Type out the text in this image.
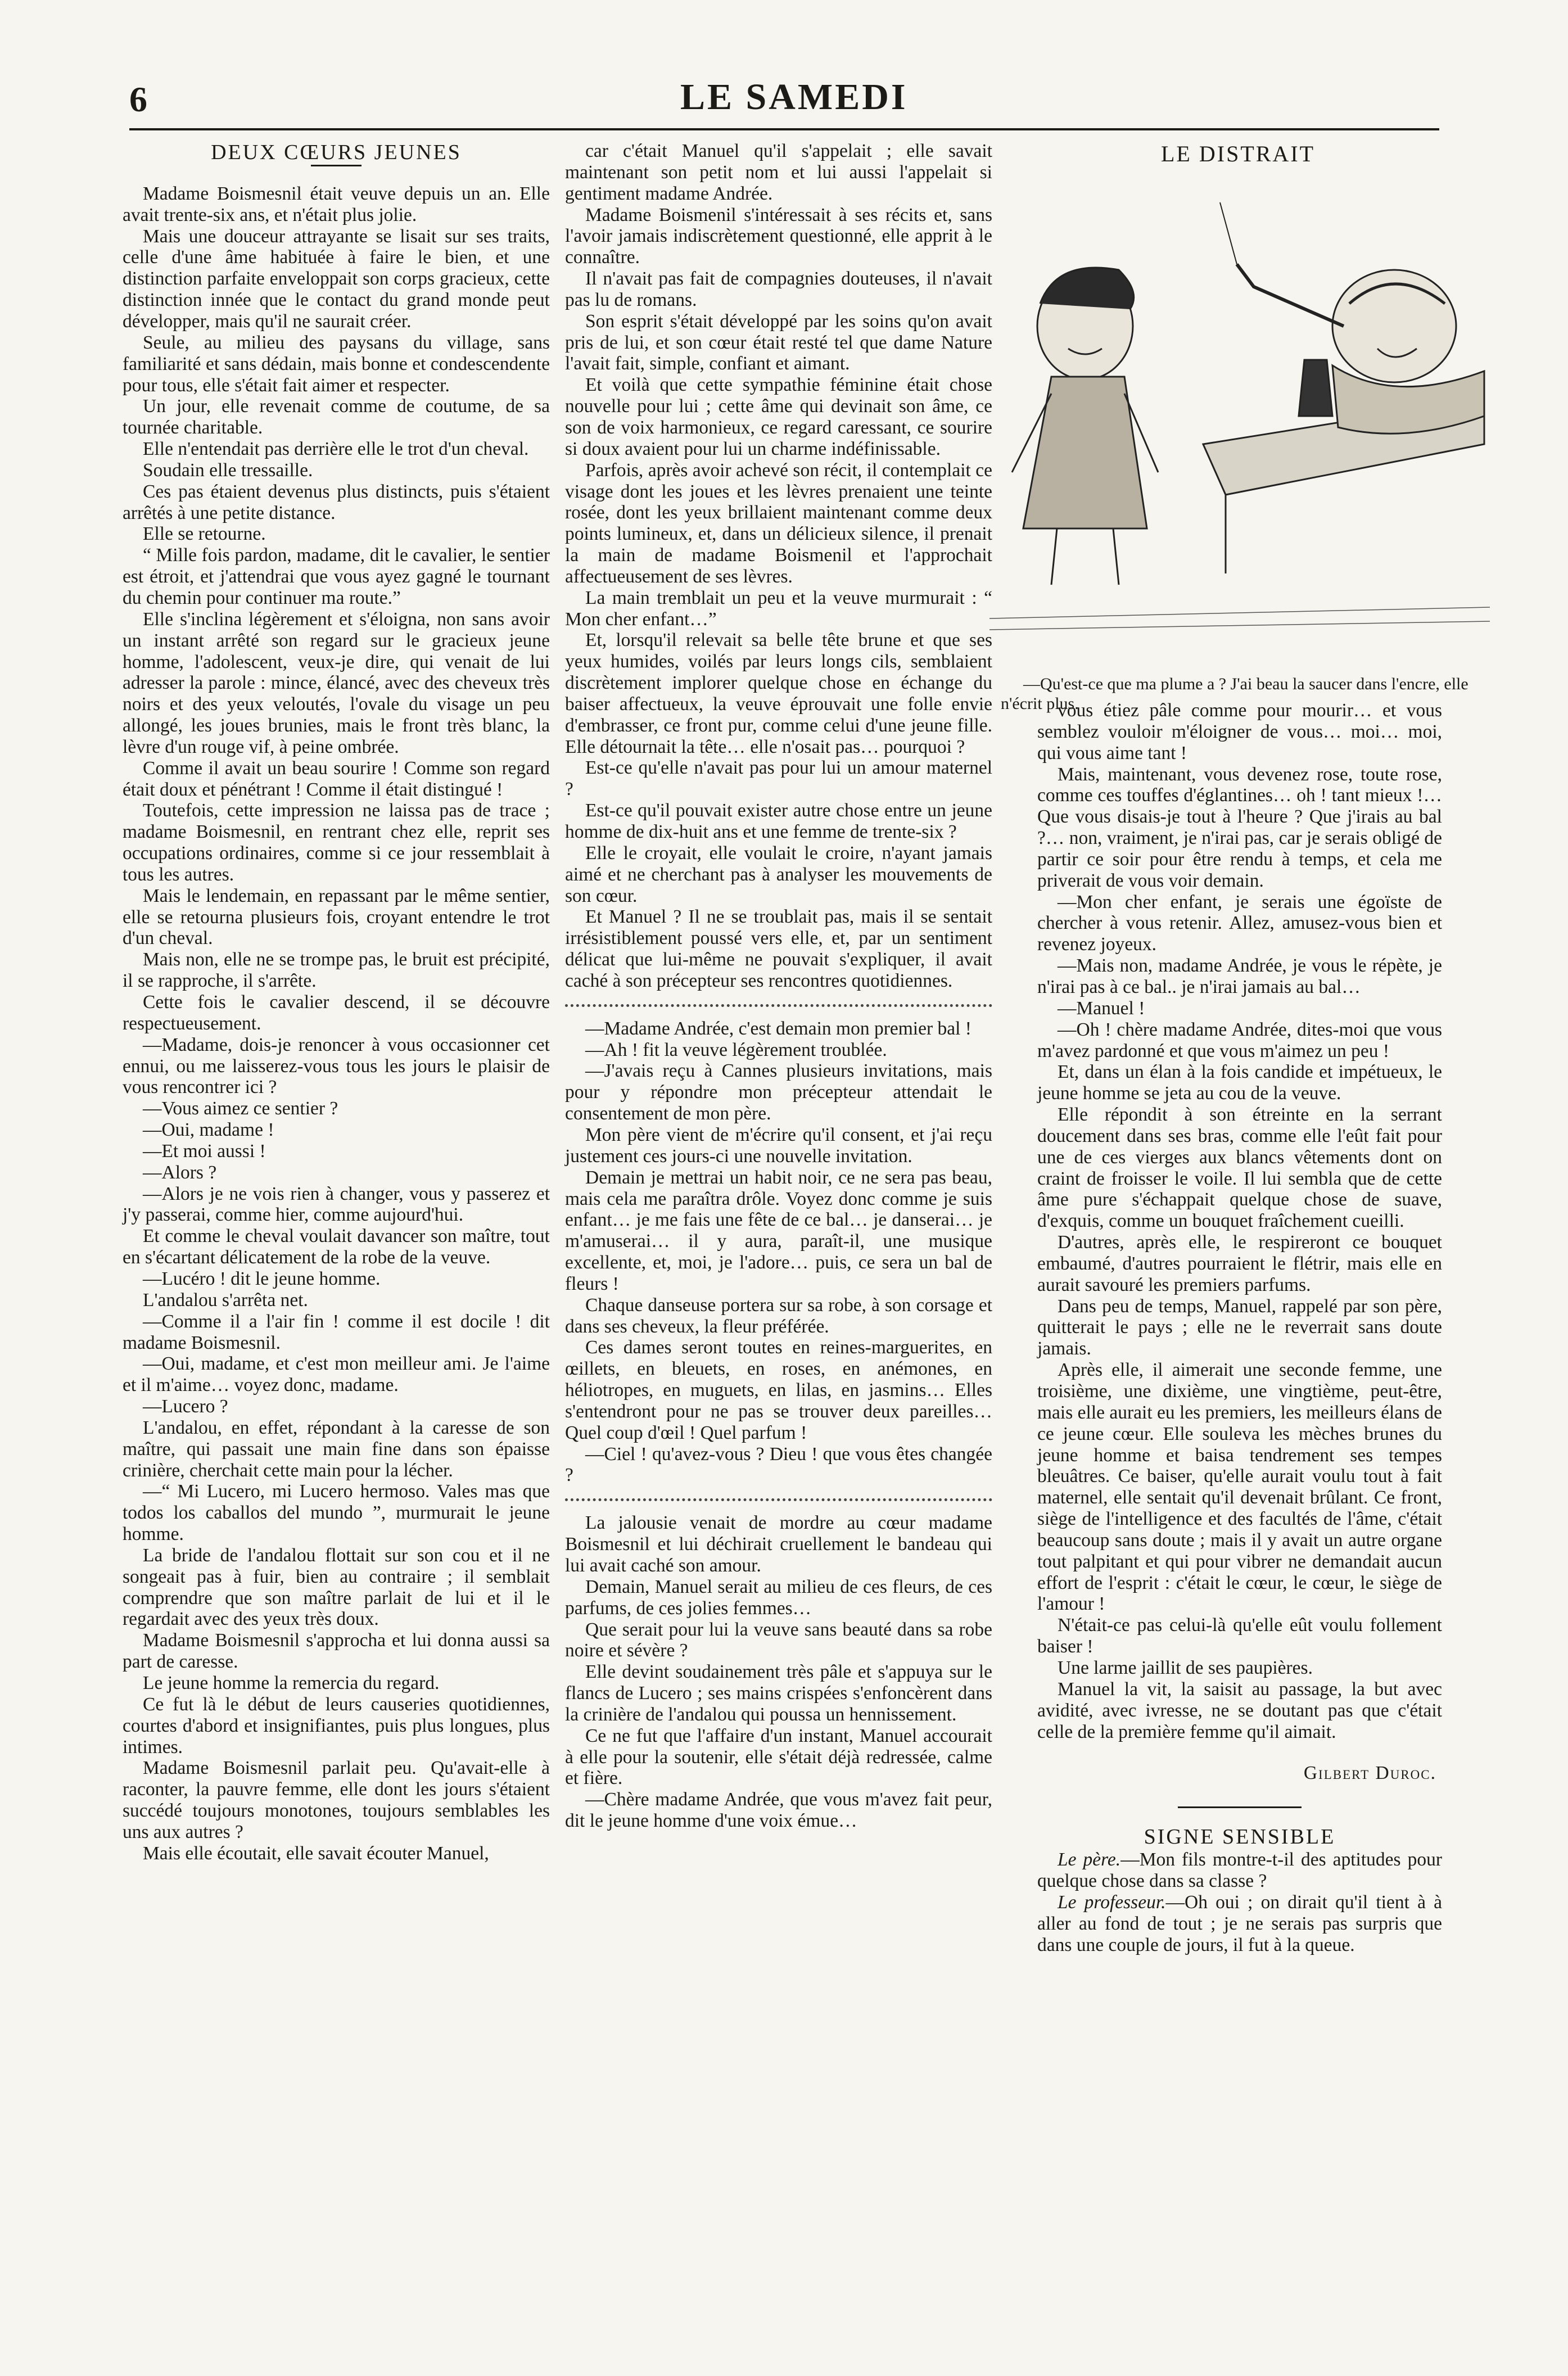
6	LE SAMEDI

DEUX CŒURS JEUNES

Madame Boismesnil était veuve depuis un an. Elle avait trente-six ans, et n'était plus jolie.

Mais une douceur attrayante se lisait sur ses traits, celle d'une âme habituée à faire le bien, et une distinction parfaite enveloppait son corps gracieux, cette distinction innée que le contact du grand monde peut développer, mais qu'il ne saurait créer.

Seule, au milieu des paysans du village, sans familiarité et sans dédain, mais bonne et condescendente pour tous, elle s'était fait aimer et respecter.

Un jour, elle revenait comme de coutume, de sa tournée charitable.

Elle n'entendait pas derrière elle le trot d'un cheval.

Soudain elle tressaille.

Ces pas étaient devenus plus distincts, puis s'étaient arrêtés à une petite distance.

Elle se retourne.

“ Mille fois pardon, madame, dit le cavalier, le sentier est étroit, et j'attendrai que vous ayez gagné le tournant du chemin pour continuer ma route.”

Elle s'inclina légèrement et s'éloigna, non sans avoir un instant arrêté son regard sur le gracieux jeune homme, l'adolescent, veux-je dire, qui venait de lui adresser la parole : mince, élancé, avec des cheveux très noirs et des yeux veloutés, l'ovale du visage un peu allongé, les joues brunies, mais le front très blanc, la lèvre d'un rouge vif, à peine ombrée.

Comme il avait un beau sourire ! Comme son regard était doux et pénétrant ! Comme il était distingué !

Toutefois, cette impression ne laissa pas de trace ; madame Boismesnil, en rentrant chez elle, reprit ses occupations ordinaires, comme si ce jour ressemblait à tous les autres.

Mais le lendemain, en repassant par le même sentier, elle se retourna plusieurs fois, croyant entendre le trot d'un cheval.

Mais non, elle ne se trompe pas, le bruit est précipité, il se rapproche, il s'arrête.

Cette fois le cavalier descend, il se découvre respectueusement.

—Madame, dois-je renoncer à vous occasionner cet ennui, ou me laisserez-vous tous les jours le plaisir de vous rencontrer ici ?

—Vous aimez ce sentier ?

—Oui, madame !

—Et moi aussi !

—Alors ?

—Alors je ne vois rien à changer, vous y passerez et j'y passerai, comme hier, comme aujourd'hui.

Et comme le cheval voulait davancer son maître, tout en s'écartant délicatement de la robe de la veuve.

—Lucéro ! dit le jeune homme.

L'andalou s'arrêta net.

—Comme il a l'air fin ! comme il est docile ! dit madame Boismesnil.

—Oui, madame, et c'est mon meilleur ami. Je l'aime et il m'aime… voyez donc, madame.

—Lucero ?

L'andalou, en effet, répondant à la caresse de son maître, qui passait une main fine dans son épaisse crinière, cherchait cette main pour la lécher.

—“ Mi Lucero, mi Lucero hermoso. Vales mas que todos los caballos del mundo ”, murmurait le jeune homme.

La bride de l'andalou flottait sur son cou et il ne songeait pas à fuir, bien au contraire ; il semblait comprendre que son maître parlait de lui et il le regardait avec des yeux très doux.

Madame Boismesnil s'approcha et lui donna aussi sa part de caresse.

Le jeune homme la remercia du regard.

Ce fut là le début de leurs causeries quotidiennes, courtes d'abord et insignifiantes, puis plus longues, plus intimes.

Madame Boismesnil parlait peu. Qu'avait-elle à raconter, la pauvre femme, elle dont les jours s'étaient succédé toujours monotones, toujours semblables les uns aux autres ?

Mais elle écoutait, elle savait écouter Manuel,

car c'était Manuel qu'il s'appelait ; elle savait maintenant son petit nom et lui aussi l'appelait si gentiment madame Andrée.

Madame Boismenil s'intéressait à ses récits et, sans l'avoir jamais indiscrètement questionné, elle apprit à le connaître.

Il n'avait pas fait de compagnies douteuses, il n'avait pas lu de romans.

Son esprit s'était développé par les soins qu'on avait pris de lui, et son cœur était resté tel que dame Nature l'avait fait, simple, confiant et aimant.

Et voilà que cette sympathie féminine était chose nouvelle pour lui ; cette âme qui devinait son âme, ce son de voix harmonieux, ce regard caressant, ce sourire si doux avaient pour lui un charme indéfinissable.

Parfois, après avoir achevé son récit, il contemplait ce visage dont les joues et les lèvres prenaient une teinte rosée, dont les yeux brillaient maintenant comme deux points lumineux, et, dans un délicieux silence, il prenait la main de madame Boismenil et l'approchait affectueusement de ses lèvres.

La main tremblait un peu et la veuve murmurait : “ Mon cher enfant…”

Et, lorsqu'il relevait sa belle tête brune et que ses yeux humides, voilés par leurs longs cils, semblaient discrètement implorer quelque chose en échange du baiser affectueux, la veuve éprouvait une folle envie d'embrasser, ce front pur, comme celui d'une jeune fille. Elle détournait la tête… elle n'osait pas… pourquoi ?

Est-ce qu'elle n'avait pas pour lui un amour maternel ?

Est-ce qu'il pouvait exister autre chose entre un jeune homme de dix-huit ans et une femme de trente-six ?

Elle le croyait, elle voulait le croire, n'ayant jamais aimé et ne cherchant pas à analyser les mouvements de son cœur.

Et Manuel ? Il ne se troublait pas, mais il se sentait irrésistiblement poussé vers elle, et, par un sentiment délicat que lui-même ne pouvait s'expliquer, il avait caché à son précepteur ses rencontres quotidiennes.

—Madame Andrée, c'est demain mon premier bal !

—Ah ! fit la veuve légèrement troublée.

—J'avais reçu à Cannes plusieurs invitations, mais pour y répondre mon précepteur attendait le consentement de mon père.

Mon père vient de m'écrire qu'il consent, et j'ai reçu justement ces jours-ci une nouvelle invitation.

Demain je mettrai un habit noir, ce ne sera pas beau, mais cela me paraîtra drôle. Voyez donc comme je suis enfant… je me fais une fête de ce bal… je danserai… je m'amuserai… il y aura, paraît-il, une musique excellente, et, moi, je l'adore… puis, ce sera un bal de fleurs !

Chaque danseuse portera sur sa robe, à son corsage et dans ses cheveux, la fleur préférée.

Ces dames seront toutes en reines-marguerites, en œillets, en bleuets, en roses, en anémones, en héliotropes, en muguets, en lilas, en jasmins… Elles s'entendront pour ne pas se trouver deux pareilles… Quel coup d'œil ! Quel parfum !

—Ciel ! qu'avez-vous ? Dieu ! que vous êtes changée ?

La jalousie venait de mordre au cœur madame Boismesnil et lui déchirait cruellement le bandeau qui lui avait caché son amour.

Demain, Manuel serait au milieu de ces fleurs, de ces parfums, de ces jolies femmes…

Que serait pour lui la veuve sans beauté dans sa robe noire et sévère ?

Elle devint soudainement très pâle et s'appuya sur le flancs de Lucero ; ses mains crispées s'enfoncèrent dans la crinière de l'andalou qui poussa un hennissement.

Ce ne fut que l'affaire d'un instant, Manuel accourait à elle pour la soutenir, elle s'était déjà redressée, calme et fière.

—Chère madame Andrée, que vous m'avez fait peur, dit le jeune homme d'une voix émue…

LE DISTRAIT

—Qu'est-ce que ma plume a ? J'ai beau la saucer dans l'encre, elle n'écrit plus.

vous étiez pâle comme pour mourir… et vous semblez vouloir m'éloigner de vous… moi… moi, qui vous aime tant !

Mais, maintenant, vous devenez rose, toute rose, comme ces touffes d'églantines… oh ! tant mieux !… Que vous disais-je tout à l'heure ? Que j'irais au bal ?… non, vraiment, je n'irai pas, car je serais obligé de partir ce soir pour être rendu à temps, et cela me priverait de vous voir demain.

—Mon cher enfant, je serais une égoïste de chercher à vous retenir. Allez, amusez-vous bien et revenez joyeux.

—Mais non, madame Andrée, je vous le répète, je n'irai pas à ce bal.. je n'irai jamais au bal…

—Manuel !

—Oh ! chère madame Andrée, dites-moi que vous m'avez pardonné et que vous m'aimez un peu !

Et, dans un élan à la fois candide et impétueux, le jeune homme se jeta au cou de la veuve.

Elle répondit à son étreinte en la serrant doucement dans ses bras, comme elle l'eût fait pour une de ces vierges aux blancs vêtements dont on craint de froisser le voile. Il lui sembla que de cette âme pure s'échappait quelque chose de suave, d'exquis, comme un bouquet fraîchement cueilli.

D'autres, après elle, le respireront ce bouquet embaumé, d'autres pourraient le flétrir, mais elle en aurait savouré les premiers parfums.

Dans peu de temps, Manuel, rappelé par son père, quitterait le pays ; elle ne le reverrait sans doute jamais.

Après elle, il aimerait une seconde femme, une troisième, une dixième, une vingtième, peut-être, mais elle aurait eu les premiers, les meilleurs élans de ce jeune cœur. Elle souleva les mèches brunes du jeune homme et baisa tendrement ses tempes bleuâtres. Ce baiser, qu'elle aurait voulu tout à fait maternel, elle sentait qu'il devenait brûlant. Ce front, siège de l'intelligence et des facultés de l'âme, c'était beaucoup sans doute ; mais il y avait un autre organe tout palpitant et qui pour vibrer ne demandait aucun effort de l'esprit : c'était le cœur, le cœur, le siège de l'amour !

N'était-ce pas celui-là qu'elle eût voulu follement baiser !

Une larme jaillit de ses paupières.

Manuel la vit, la saisit au passage, la but avec avidité, avec ivresse, ne se doutant pas que c'était celle de la première femme qu'il aimait.

Gilbert Duroc.

SIGNE SENSIBLE

Le père.—Mon fils montre-t-il des aptitudes pour quelque chose dans sa classe ?

Le professeur.—Oh oui ; on dirait qu'il tient à à aller au fond de tout ; je ne serais pas surpris que dans une couple de jours, il fut à la queue.
